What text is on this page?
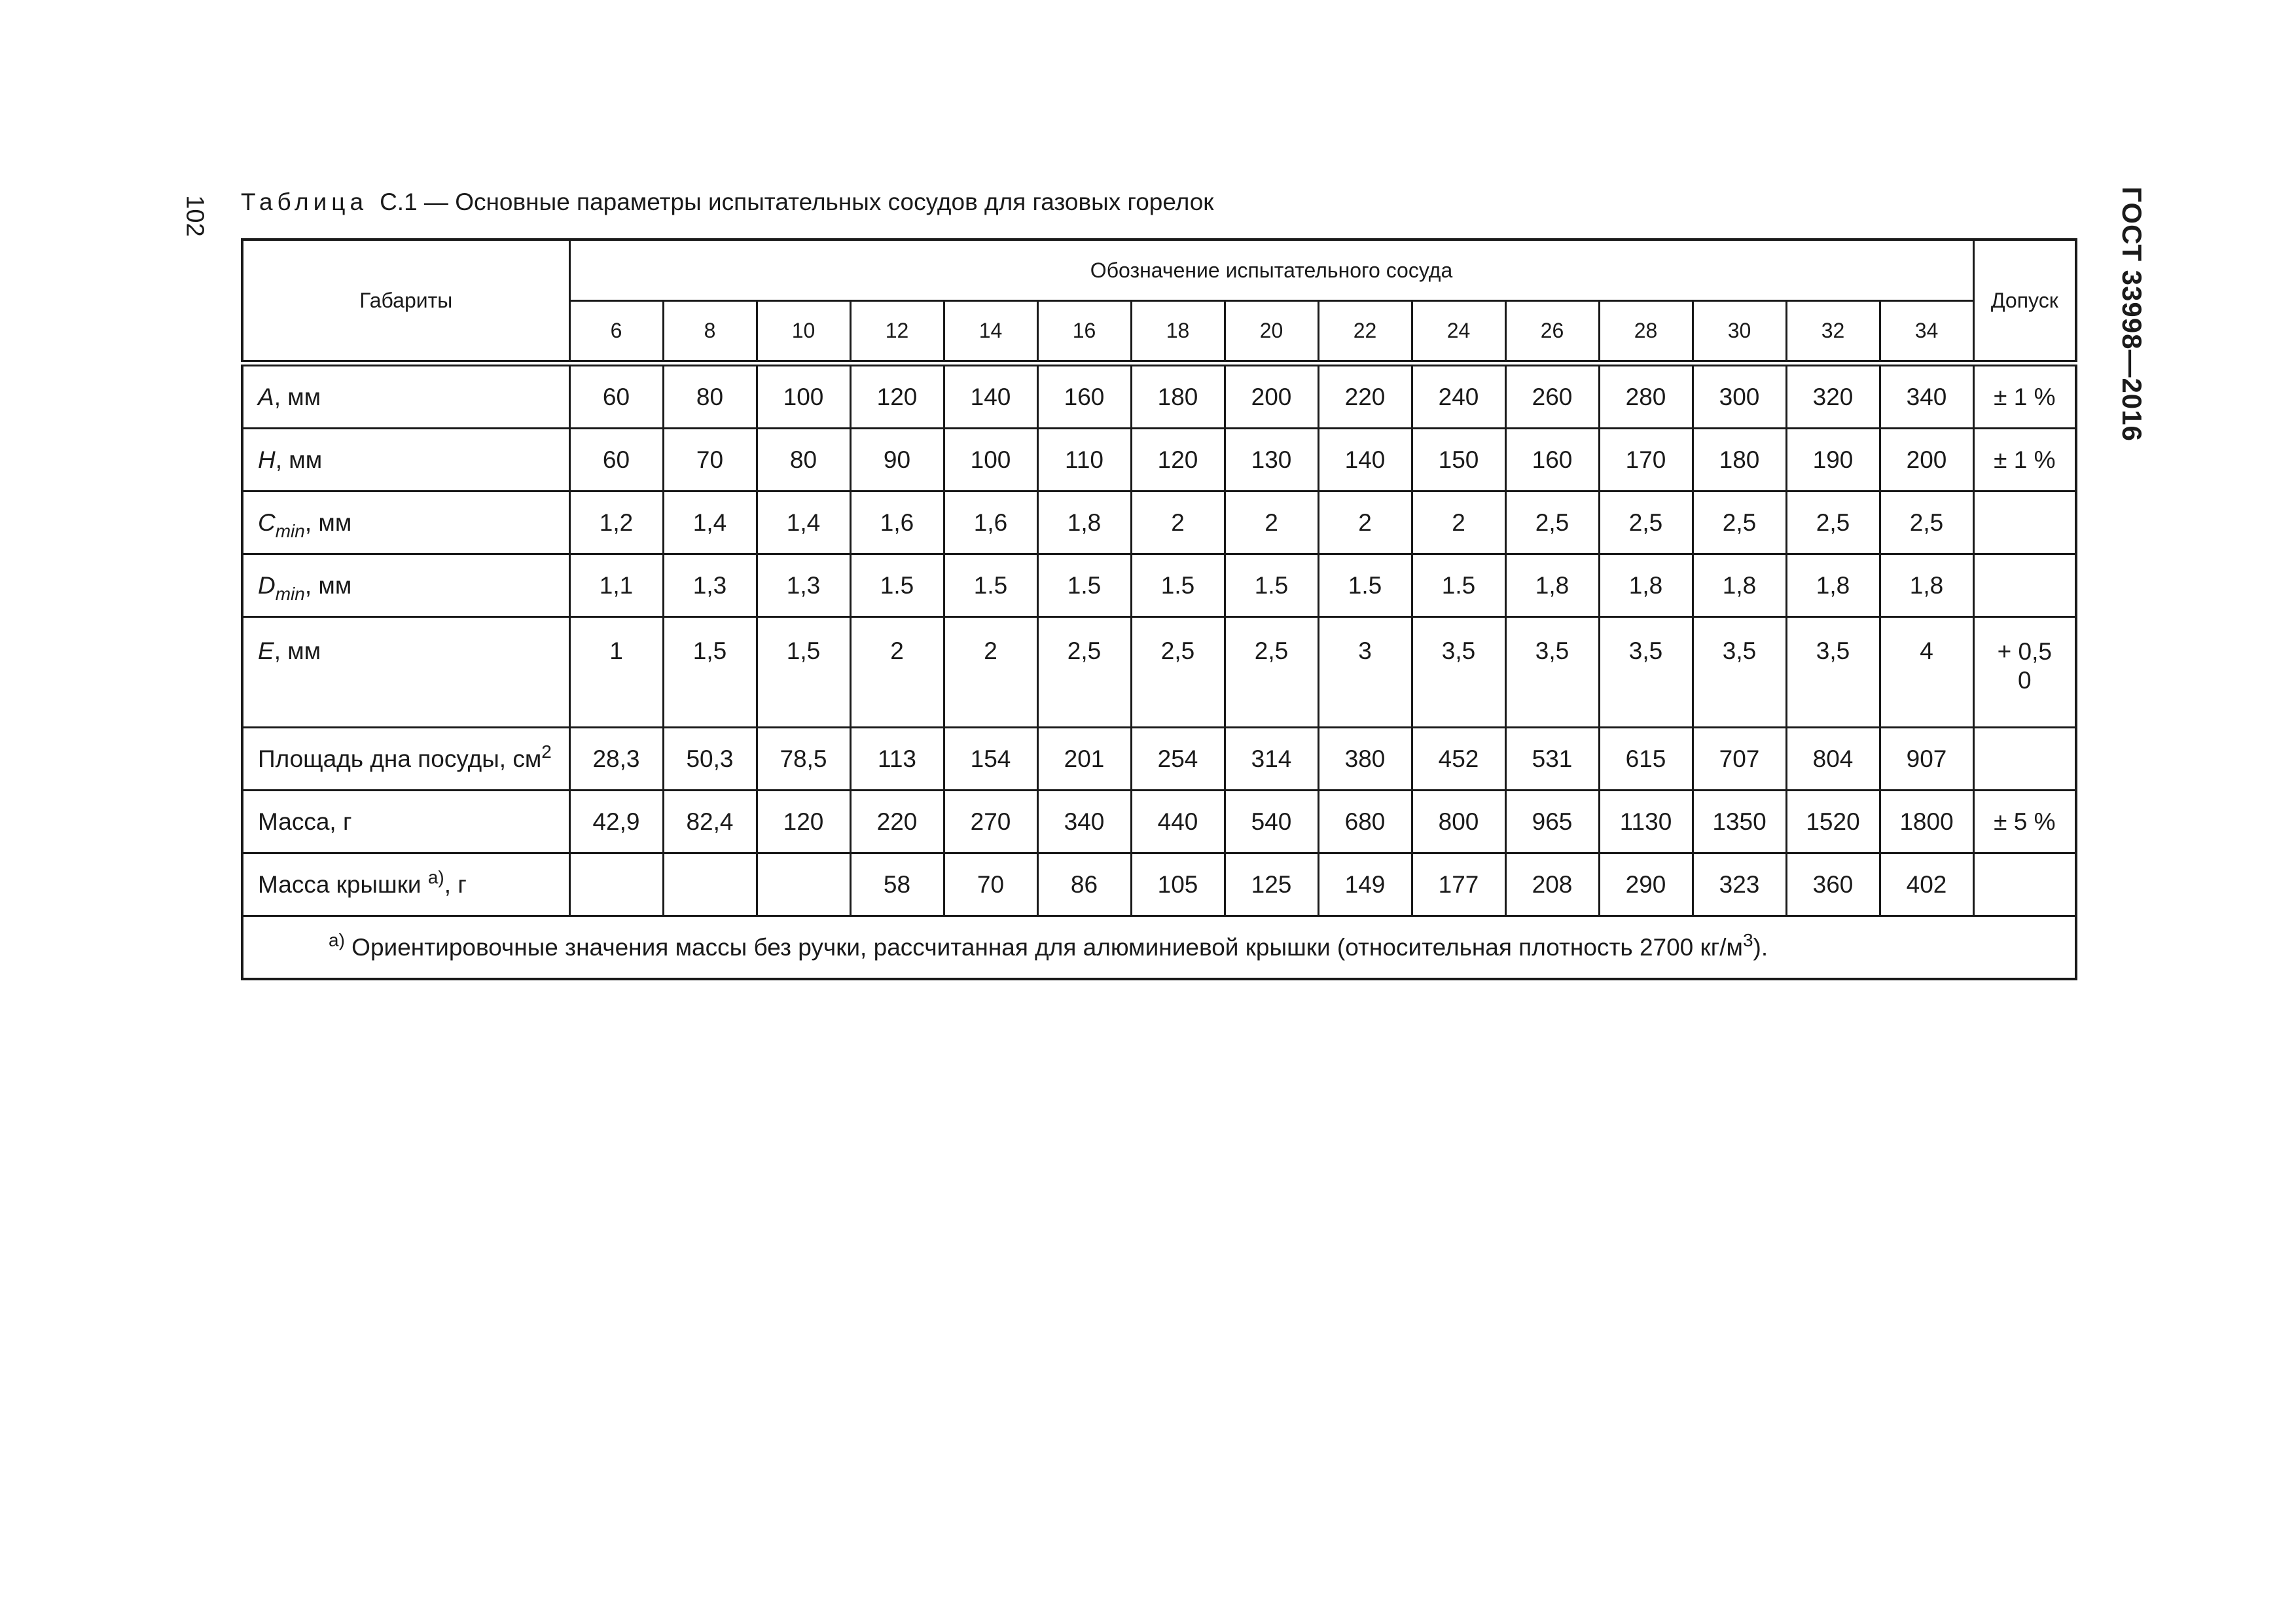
102	ГОСТ 33998—2016
Таблица С.1 — Основные параметры испытательных сосудов для газовых горелок
Габариты	Обозначение испытательного сосуда															Допуск
	6	8	10	12	14	16	18	20	22	24	26	28	30	32	34	
A, мм	60	80	100	120	140	160	180	200	220	240	260	280	300	320	340	± 1 %

H, мм	60	70	80	90	100	110	120	130	140	150	160	170	180	190	200	± 1 %

$C_{min}$, мм	1,2	1,4	1,4	1,6	1,6	1,8	2	2	2	2	2,5	2,5	2,5	2,5	2,5	

$D_{min}$, мм	1,1	1,3	1,3	1.5	1.5	1.5	1.5	1.5	1.5	1.5	1,8	1,8	1,8	1,8	1,8	

E, мм	1	1,5	1,5	2	2	2,5	2,5	2,5	3	3,5	3,5	3,5	3,5	3,5	4	+ 0,5
0

Площадь дна посуды, $см^2$	28,3	50,3	78,5	113	154	201	254	314	380	452	531	615	707	804	907	

Масса, г	42,9	82,4	120	220	270	340	440	540	680	800	965	1130	1350	1520	1800	± 5 %

Масса крышки $^{a)}$, г				58	70	86	105	125	149	177	208	290	323	360	402	

$^{a)}$ Ориентировочные значения массы без ручки, рассчитанная для алюминиевой крышки (относительная плотность 2700 $кг/м^3$).																
